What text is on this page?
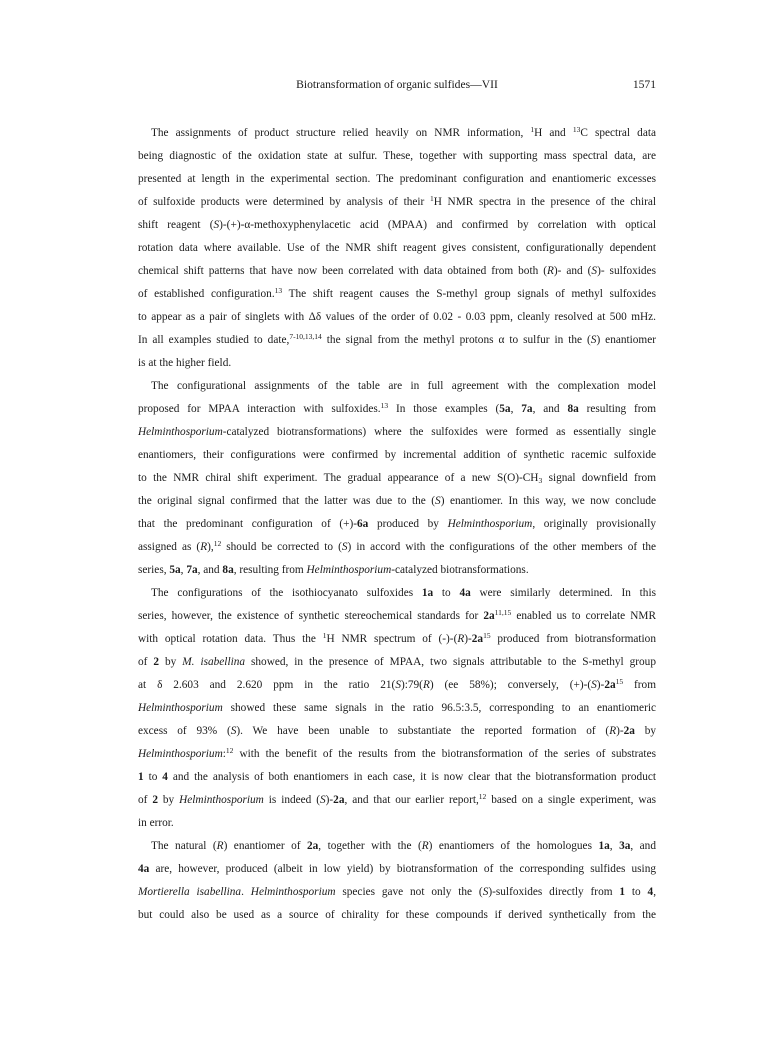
Biotransformation of organic sulfides—VII	1571
The assignments of product structure relied heavily on NMR information, $^1$H and $^{13}$C spectral data
being diagnostic of the oxidation state at sulfur. These, together with supporting mass spectral data, are
presented at length in the experimental section. The predominant configuration and enantiomeric excesses
of sulfoxide products were determined by analysis of their $^1$H NMR spectra in the presence of the chiral
shift reagent (S)-(+)-α-methoxyphenylacetic acid (MPAA) and confirmed by correlation with optical
rotation data where available. Use of the NMR shift reagent gives consistent, configurationally dependent
chemical shift patterns that have now been correlated with data obtained from both (R)- and (S)- sulfoxides
of established configuration.$^{13}$ The shift reagent causes the S-methyl group signals of methyl sulfoxides
to appear as a pair of singlets with Δδ values of the order of 0.02 - 0.03 ppm, cleanly resolved at 500 mHz.
In all examples studied to date,$^{7-10,13,14}$ the signal from the methyl protons α to sulfur in the (S) enantiomer
is at the higher field.
The configurational assignments of the table are in full agreement with the complexation model
proposed for MPAA interaction with sulfoxides.$^{13}$ In those examples (5a, 7a, and 8a resulting from
Helminthosporium-catalyzed biotransformations) where the sulfoxides were formed as essentially single
enantiomers, their configurations were confirmed by incremental addition of synthetic racemic sulfoxide
to the NMR chiral shift experiment. The gradual appearance of a new $S(O)-CH_3$ signal downfield from
the original signal confirmed that the latter was due to the (S) enantiomer. In this way, we now conclude
that the predominant configuration of (+)-6a produced by Helminthosporium, originally provisionally
assigned as (R),$^{12}$ should be corrected to (S) in accord with the configurations of the other members of the
series, 5a, 7a, and 8a, resulting from Helminthosporium-catalyzed biotransformations.
The configurations of the isothiocyanato sulfoxides 1a to 4a were similarly determined. In this
series, however, the existence of synthetic stereochemical standards for $2a^{11,15}$ enabled us to correlate NMR
with optical rotation data. Thus the $^1$H NMR spectrum of $(-)-(R)-2a^{15}$ produced from biotransformation
of 2 by M. isabellina showed, in the presence of MPAA, two signals attributable to the S-methyl group
at δ 2.603 and 2.620 ppm in the ratio 21(S):79(R) (ee 58%); conversely, $(+)-(S)-2a^{15}$ from
Helminthosporium showed these same signals in the ratio 96.5:3.5, corresponding to an enantiomeric
excess of 93% (S). We have been unable to substantiate the reported formation of (R)-2a by
Helminthosporium:$^{12}$ with the benefit of the results from the biotransformation of the series of substrates
1 to 4 and the analysis of both enantiomers in each case, it is now clear that the biotransformation product
of 2 by Helminthosporium is indeed (S)-2a, and that our earlier report,$^{12}$ based on a single experiment, was
in error.
The natural (R) enantiomer of 2a, together with the (R) enantiomers of the homologues 1a, 3a, and
4a are, however, produced (albeit in low yield) by biotransformation of the corresponding sulfides using
Mortierella isabellina. Helminthosporium species gave not only the (S)-sulfoxides directly from 1 to 4,
but could also be used as a source of chirality for these compounds if derived synthetically from the
